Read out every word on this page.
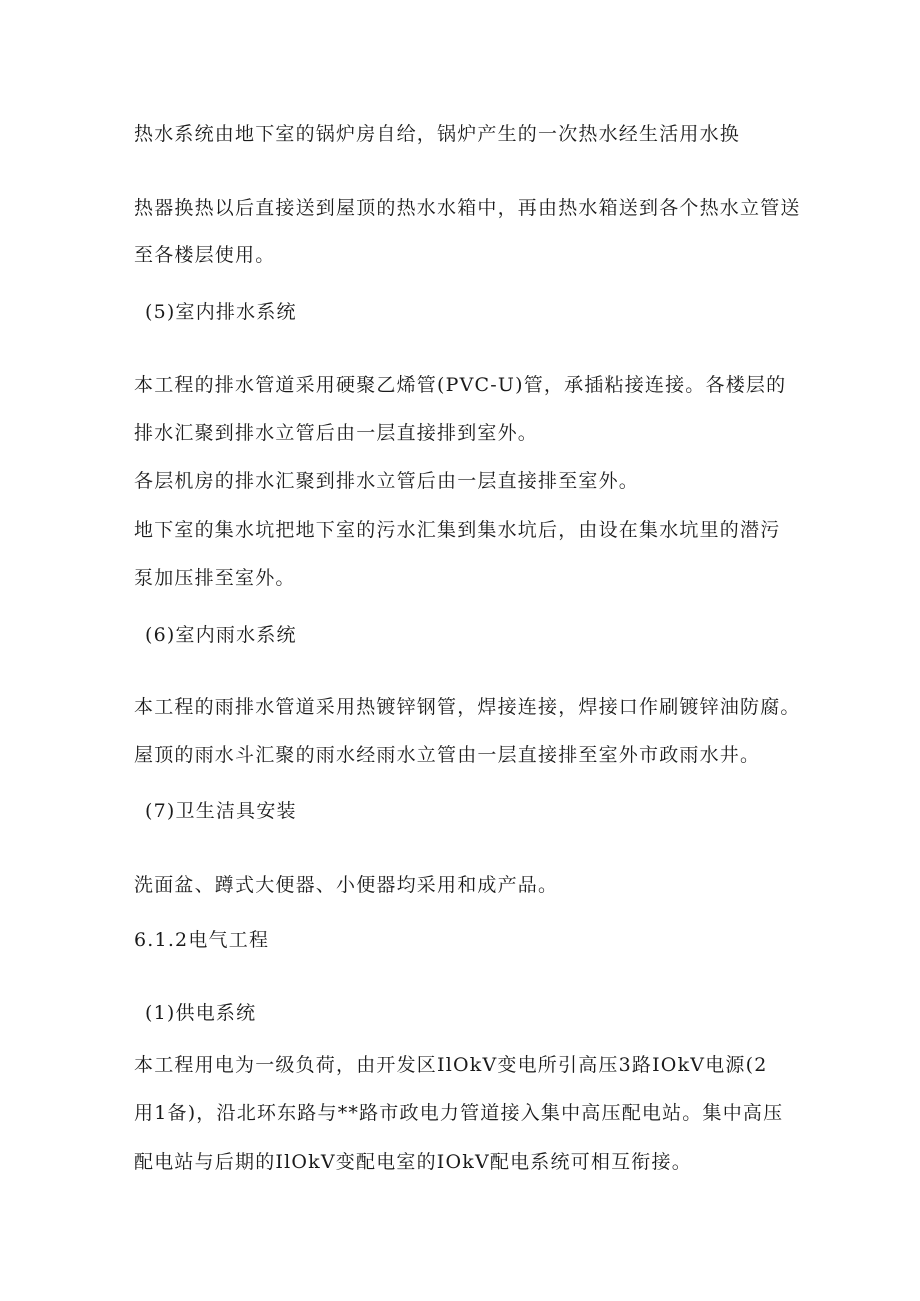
热水系统由地下室的锅炉房自给，锅炉产生的一次热水经生活用水换
热器换热以后直接送到屋顶的热水水箱中，再由热水箱送到各个热水立管送
至各楼层使用。
(5)室内排水系统
本工程的排水管道采用硬聚乙烯管(PVC-U)管，承插粘接连接。各楼层的
排水汇聚到排水立管后由一层直接排到室外。
各层机房的排水汇聚到排水立管后由一层直接排至室外。
地下室的集水坑把地下室的污水汇集到集水坑后，由设在集水坑里的潜污
泵加压排至室外。
(6)室内雨水系统
本工程的雨排水管道采用热镀锌钢管，焊接连接，焊接口作刷镀锌油防腐。
屋顶的雨水斗汇聚的雨水经雨水立管由一层直接排至室外市政雨水井。
(7)卫生洁具安装
洗面盆、蹲式大便器、小便器均采用和成产品。
6.1.2电气工程
(1)供电系统
本工程用电为一级负荷，由开发区IlOkV变电所引高压3路IOkV电源(2
用1备)，沿北环东路与**路市政电力管道接入集中高压配电站。集中高压
配电站与后期的IlOkV变配电室的IOkV配电系统可相互衔接。
